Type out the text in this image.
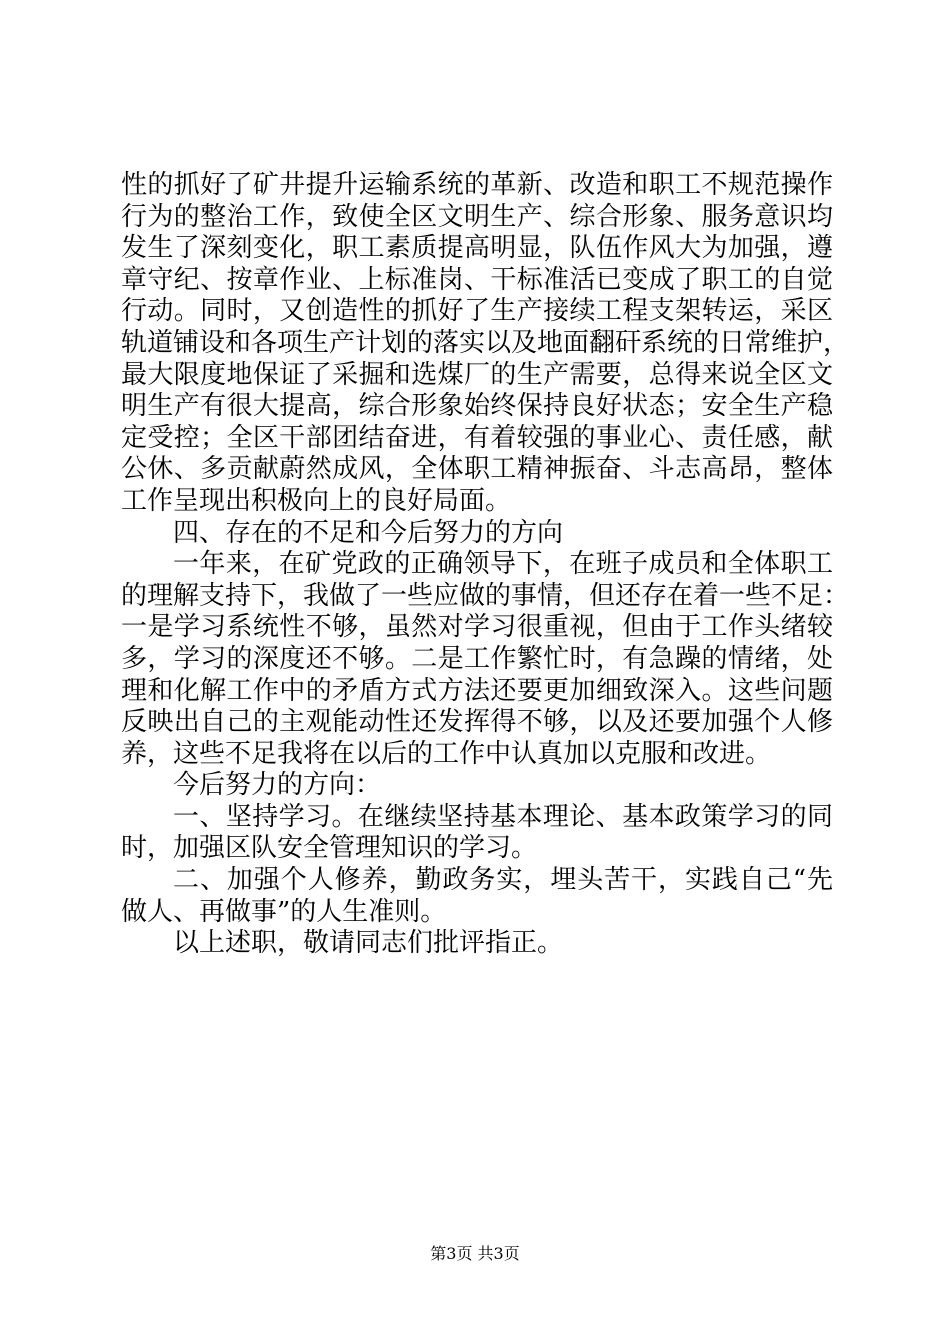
性的抓好了矿井提升运输系统的革新、改造和职工不规范操作
行为的整治工作，致使全区文明生产、综合形象、服务意识均
发生了深刻变化，职工素质提高明显，队伍作风大为加强，遵
章守纪、按章作业、上标准岗、干标准活已变成了职工的自觉
行动。同时，又创造性的抓好了生产接续工程支架转运，采区
轨道铺设和各项生产计划的落实以及地面翻矸系统的日常维护，
最大限度地保证了采掘和选煤厂的生产需要，总得来说全区文
明生产有很大提高，综合形象始终保持良好状态；安全生产稳
定受控；全区干部团结奋进，有着较强的事业心、责任感，献
公休、多贡献蔚然成风，全体职工精神振奋、斗志高昂，整体
工作呈现出积极向上的良好局面。
四、存在的不足和今后努力的方向
一年来，在矿党政的正确领导下，在班子成员和全体职工
的理解支持下，我做了一些应做的事情，但还存在着一些不足：
一是学习系统性不够，虽然对学习很重视，但由于工作头绪较
多，学习的深度还不够。二是工作繁忙时，有急躁的情绪，处
理和化解工作中的矛盾方式方法还要更加细致深入。这些问题
反映出自己的主观能动性还发挥得不够，以及还要加强个人修
养，这些不足我将在以后的工作中认真加以克服和改进。
今后努力的方向：
一、坚持学习。在继续坚持基本理论、基本政策学习的同
时，加强区队安全管理知识的学习。
二、加强个人修养，勤政务实，埋头苦干，实践自己“先
做人、再做事”的人生准则。
以上述职，敬请同志们批评指正。
第3页 共3页
